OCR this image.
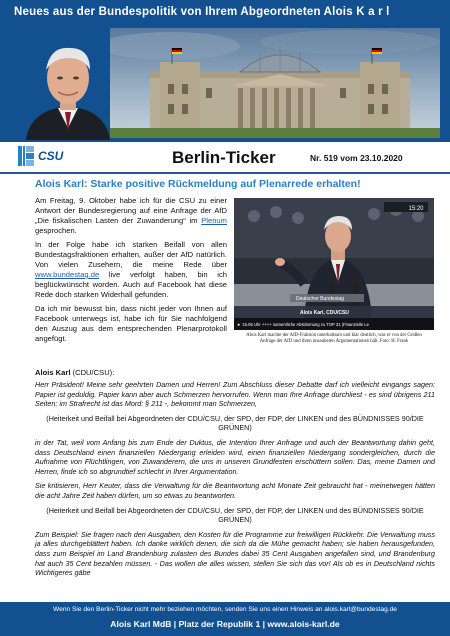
Neues aus der Bundespolitik von Ihrem Abgeordneten Alois K a r l
CSU	Berlin-Ticker	Nr. 519 vom 23.10.2020
Alois Karl: Starke positive Rückmeldung auf Plenarrede erhalten!

Am Freitag, 9. Oktober habe ich für die CSU zu einer Antwort der Bundesregierung auf eine Anfrage der AfD „Die fiskalischen Lasten der Zuwanderung“ im Plenum gesprochen.

In der Folge habe ich starken Beifall von allen Bundestagsfraktionen erhalten, außer der AfD natürlich. Von vielen Zusehern, die meine Rede über www.bundestag.de live verfolgt haben, bin ich beglückwünscht worden. Auch auf Facebook hat diese Rede doch starken Widerhall gefunden.

Da ich mir bewusst bin, dass nicht jeder von Ihnen auf Facebook unterwegs ist, habe ich für Sie nachfolgend den Auszug aus dem entsprechenden Plenarprotokoll angefügt.

15:20
Deutscher Bundestag
Alois Karl, CDU/CSU
► 15.05 Uhr ++++ namentliche Abstimmung zu TOP 31 (Finanzielle Le
Alois Karl machte der AfD-Fraktion unterhaltsam und klar deutlich, was er von der Großen Anfrage der AfD und ihren unsauberen Argumentationen hält. Foto: H. Frank
Alois Karl (CDU/CSU):

Herr Präsident! Meine sehr geehrten Damen und Herren! Zum Abschluss dieser Debatte darf ich vielleicht eingangs sagen: Papier ist geduldig. Papier kann aber auch Schmerzen hervorrufen. Wenn man Ihre Anfrage durchliest - es sind übrigens 211 Seiten; im Strafrecht ist das Mord: § 211 -, bekommt man Schmerzen,

(Heiterkeit und Beifall bei Abgeordneten der CDU/CSU, der SPD, der FDP, der LINKEN und des BÜNDNISSES 90/DIE GRÜNEN)

in der Tat, weil vom Anfang bis zum Ende der Duktus, die Intention Ihrer Anfrage und auch der Beantwortung dahin geht, dass Deutschland einen finanziellen Niedergang erleiden wird, einen finanziellen Niedergang sondergleichen, durch die Aufnahme von Flüchtlingen, von Zuwanderern, die uns in unseren Grundfesten erschüttern sollen. Das, meine Damen und Herren, finde ich so abgrundtief schlecht in Ihrer Argumentation.

Sie kritisieren, Herr Keuter, dass die Verwaltung für die Beantwortung acht Monate Zeit gebraucht hat - meinetwegen hätten die acht Jahre Zeit haben dürfen, um so etwas zu beantworten.

(Heiterkeit und Beifall bei Abgeordneten der CDU/CSU, der SPD, der FDP, der LINKEN und des BÜNDNISSES 90/DIE GRÜNEN)

Zum Beispiel: Sie fragen nach den Ausgaben, den Kosten für die Programme zur freiwilligen Rückkehr. Die Verwaltung muss ja alles durchgeblättert haben. Ich danke wirklich denen, die sich da die Mühe gemacht haben; sie haben herausgefunden, dass zum Beispiel im Land Brandenburg zulasten des Bundes dabei 35 Cent Ausgaben angefallen sind, und Brandenburg hat auch 35 Cent bezahlen müssen. - Das wollen die alles wissen, stellen Sie sich das vor! Als ob es in Deutschland nichts Wichtigeres gäbe

Wenn Sie den Berlin-Ticker nicht mehr beziehen möchten, senden Sie uns einen Hinweis an alois.karl@bundestag.de
Alois Karl MdB | Platz der Republik 1 | www.alois-karl.de
